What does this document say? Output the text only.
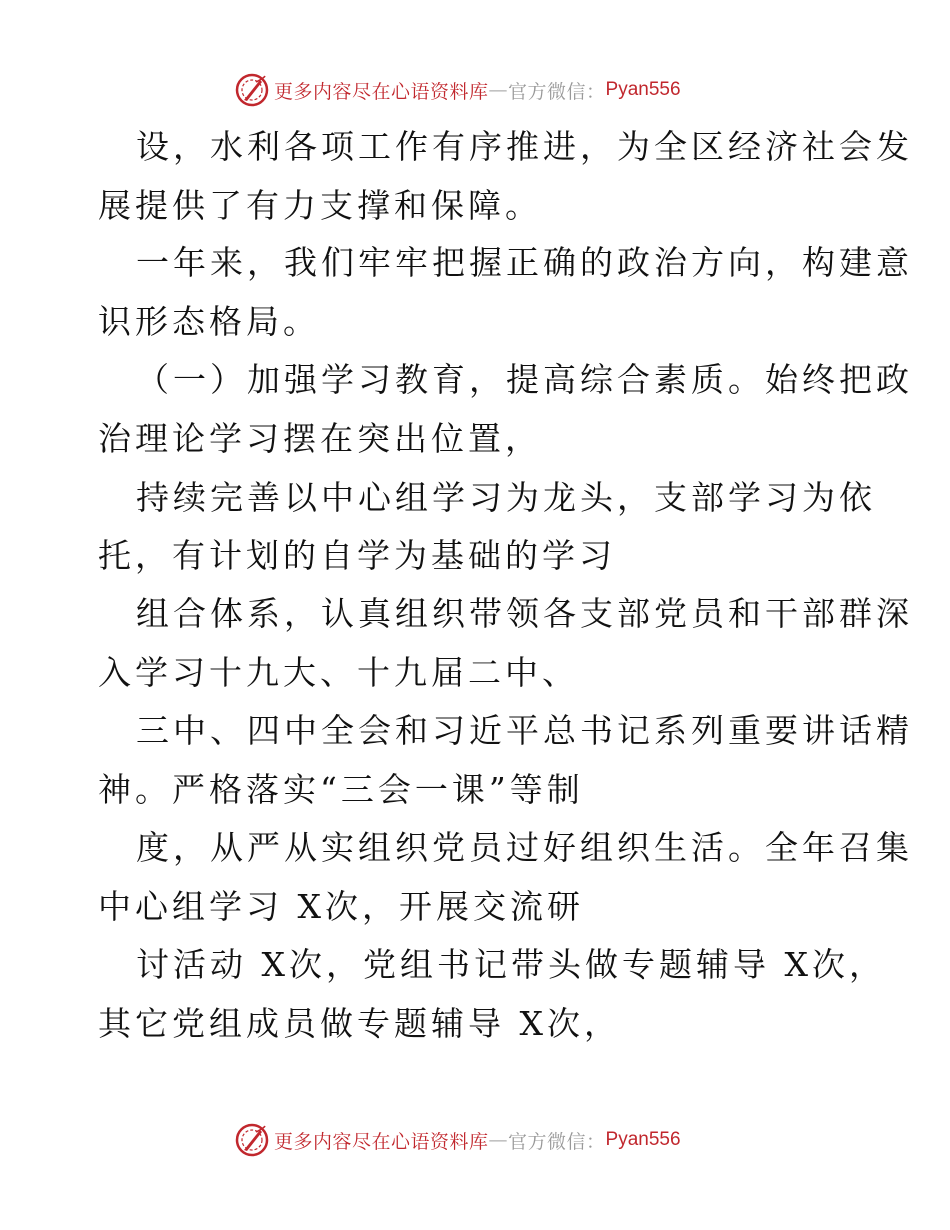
更多内容尽在心语资料库 — 官方微信： Pyan556
设，水利各项工作有序推进，为全区经济社会发
展提供了有力支撑和保障。
一年来，我们牢牢把握正确的政治方向，构建意
识形态格局。
（一）加强学习教育，提高综合素质。始终把政
治理论学习摆在突出位置，
持续完善以中心组学习为龙头，支部学习为依
托，有计划的自学为基础的学习
组合体系，认真组织带领各支部党员和干部群深
入学习十九大、十九届二中、
三中、四中全会和习近平总书记系列重要讲话精
神。严格落实“三会一课”等制
度，从严从实组织党员过好组织生活。全年召集
中心组学习 X次，开展交流研
讨活动 X次，党组书记带头做专题辅导 X次，
其它党组成员做专题辅导 X次，
更多内容尽在心语资料库 — 官方微信： Pyan556
